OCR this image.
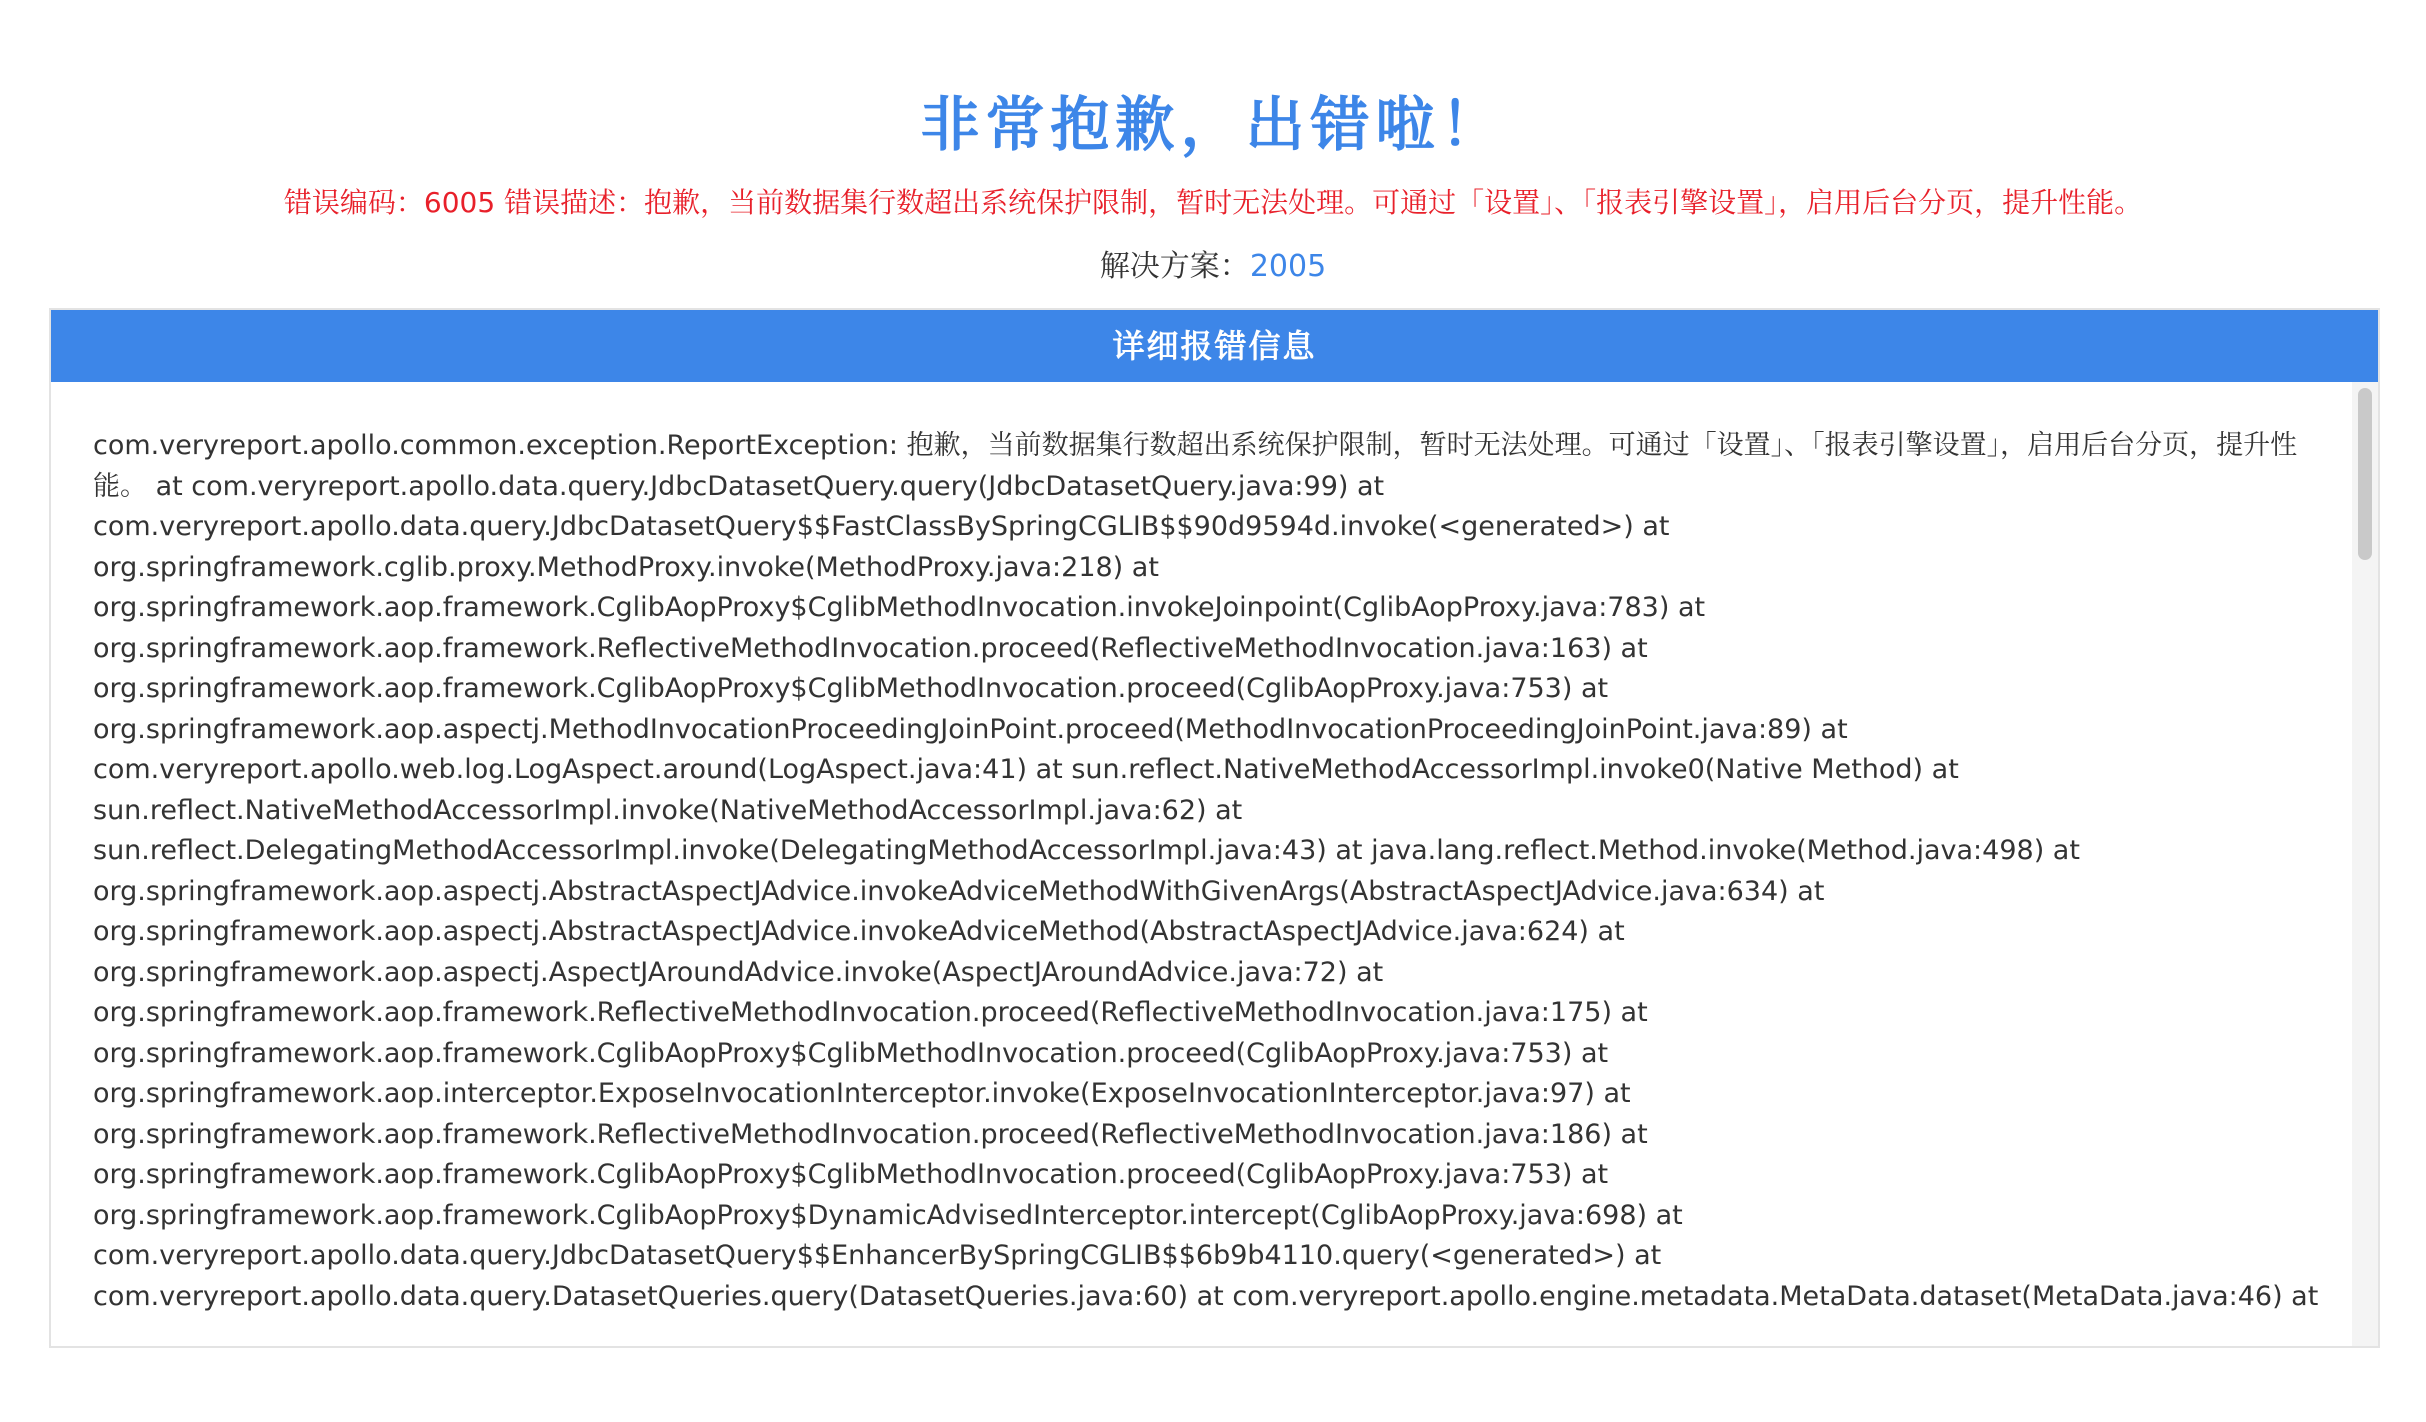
非常抱歉，出错啦！
错误编码：6005 错误描述：抱歉，当前数据集行数超出系统保护限制，暂时无法处理。可通过「设置」、「报表引擎设置」，启用后台分页，提升性能。
解决方案：2005
详细报错信息
com.veryreport.apollo.common.exception.ReportException: 抱歉，当前数据集行数超出系统保护限制，暂时无法处理。可通过「设置」、「报表引擎设置」，启用后台分页，提升性能。 at com.veryreport.apollo.data.query.JdbcDatasetQuery.query(JdbcDatasetQuery.java:99) at
com.veryreport.apollo.data.query.JdbcDatasetQuery$$FastClassBySpringCGLIB$$90d9594d.invoke(<generated>) at
org.springframework.cglib.proxy.MethodProxy.invoke(MethodProxy.java:218) at
org.springframework.aop.framework.CglibAopProxy$CglibMethodInvocation.invokeJoinpoint(CglibAopProxy.java:783) at
org.springframework.aop.framework.ReflectiveMethodInvocation.proceed(ReflectiveMethodInvocation.java:163) at
org.springframework.aop.framework.CglibAopProxy$CglibMethodInvocation.proceed(CglibAopProxy.java:753) at
org.springframework.aop.aspectj.MethodInvocationProceedingJoinPoint.proceed(MethodInvocationProceedingJoinPoint.java:89) at
com.veryreport.apollo.web.log.LogAspect.around(LogAspect.java:41) at sun.reflect.NativeMethodAccessorImpl.invoke0(Native Method) at
sun.reflect.NativeMethodAccessorImpl.invoke(NativeMethodAccessorImpl.java:62) at
sun.reflect.DelegatingMethodAccessorImpl.invoke(DelegatingMethodAccessorImpl.java:43) at java.lang.reflect.Method.invoke(Method.java:498) at
org.springframework.aop.aspectj.AbstractAspectJAdvice.invokeAdviceMethodWithGivenArgs(AbstractAspectJAdvice.java:634) at
org.springframework.aop.aspectj.AbstractAspectJAdvice.invokeAdviceMethod(AbstractAspectJAdvice.java:624) at
org.springframework.aop.aspectj.AspectJAroundAdvice.invoke(AspectJAroundAdvice.java:72) at
org.springframework.aop.framework.ReflectiveMethodInvocation.proceed(ReflectiveMethodInvocation.java:175) at
org.springframework.aop.framework.CglibAopProxy$CglibMethodInvocation.proceed(CglibAopProxy.java:753) at
org.springframework.aop.interceptor.ExposeInvocationInterceptor.invoke(ExposeInvocationInterceptor.java:97) at
org.springframework.aop.framework.ReflectiveMethodInvocation.proceed(ReflectiveMethodInvocation.java:186) at
org.springframework.aop.framework.CglibAopProxy$CglibMethodInvocation.proceed(CglibAopProxy.java:753) at
org.springframework.aop.framework.CglibAopProxy$DynamicAdvisedInterceptor.intercept(CglibAopProxy.java:698) at
com.veryreport.apollo.data.query.JdbcDatasetQuery$$EnhancerBySpringCGLIB$$6b9b4110.query(<generated>) at
com.veryreport.apollo.data.query.DatasetQueries.query(DatasetQueries.java:60) at com.veryreport.apollo.engine.metadata.MetaData.dataset(MetaData.java:46) at
